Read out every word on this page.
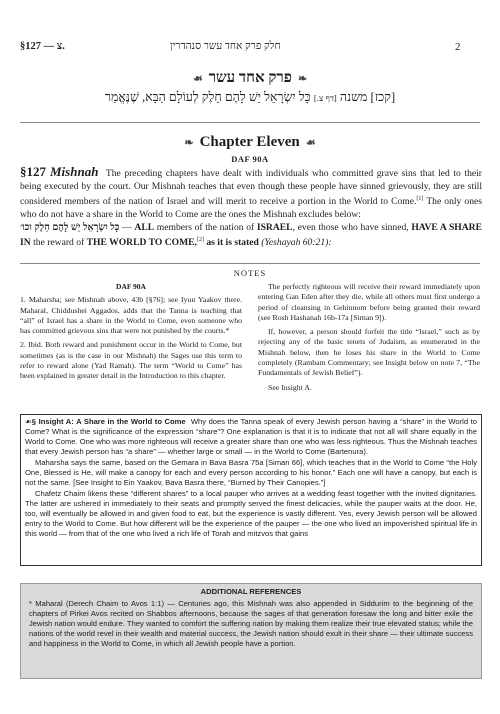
§127 — צ.	חלק פרק אחד עשר סנהדרין	2
❧פרק אחד עשר☙
[קכז] משנה [דף צ.] כָּל יִשְׂרָאֵל יֵשׁ לָהֶם חֵלֶק לְעוֹלָם הַבָּא, שֶׁנֶּאֱמַר
❧ Chapter Eleven ☙
DAF 90A
§127 Mishnah The preceding chapters have dealt with individuals who committed grave sins that led to their being executed by the court. Our Mishnah teaches that even though these people have sinned grievously, they are still considered members of the nation of Israel and will merit to receive a portion in the World to Come.[1] The only ones who do not have a share in the World to Come are the ones the Mishnah excludes below:
כָּל יִשְׂרָאֵל יֵשׁ לָהֶם חֵלֶק וכו׳ — ALL members of the nation of ISRAEL, even those who have sinned, HAVE A SHARE IN the reward of THE WORLD TO COME,[2] as it is stated (Yeshayah 60:21):
NOTES
DAF 90A

1. Maharsha; see Mishnah above, 43b [§76]; see Iyun Yaakov there. Maharal, Chiddushei Aggados, adds that the Tanna is teaching that “all” of Israel has a share in the World to Come, even someone who has committed grievous sins that were not punished by the courts.*

2. Ibid. Both reward and punishment occur in the World to Come, but sometimes (as is the case in our Mishnah) the Sages use this term to refer to reward alone (Yad Ramah). The term “World to Come” has been explained in greater detail in the Introduction to this chapter.

The perfectly righteous will receive their reward immediately upon entering Gan Eden after they die, while all others must first undergo a period of cleansing in Gehinnom before being granted their reward (see Rosh Hashanah 16b-17a [Siman 9]).

If, however, a person should forfeit the title “Israel,” such as by rejecting any of the basic tenets of Judaism, as enumerated in the Mishnah below, then he loses his share in the World to Come completely (Rambam Commentary; see Insight below on note 7, “The Fundamentals of Jewish Belief”).

See Insight A.

☙§ Insight A: A Share in the World to Come Why does the Tanna speak of every Jewish person having a “share” in the World to Come? What is the significance of the expression “share”? One explanation is that it is to indicate that not all will share equally in the World to Come. One who was more righteous will receive a greater share than one who was less righteous. Thus the Mishnah teaches that every Jewish person has “a share” — whether large or small — in the World to Come (Bartenura).

Maharsha says the same, based on the Gemara in Bava Basra 75a [Siman 66], which teaches that in the World to Come “the Holy One, Blessed is He, will make a canopy for each and every person according to his honor.” Each one will have a canopy, but each is not the same. [See Insight to Ein Yaakov, Bava Basra there, “Burned by Their Canopies.”]

Chafetz Chaim likens these “different shares” to a local pauper who arrives at a wedding feast together with the invited dignitaries. The latter are ushered in immediately to their seats and promptly served the finest delicacies, while the pauper waits at the door. He, too, will eventually be allowed in and given food to eat, but the experience is vastly different. Yes, every Jewish person will be allowed entry to the World to Come. But how different will be the experience of the pauper — the one who lived an impoverished spiritual life in this world — from that of the one who lived a rich life of Torah and mitzvos that gains

ADDITIONAL REFERENCES
* Maharal (Derech Chaim to Avos 1:1) — Centuries ago, this Mishnah was also appended in Siddurim to the beginning of the chapters of Pirkei Avos recited on Shabbos afternoons, because the sages of that generation foresaw the long and bitter exile the Jewish nation would endure. They wanted to comfort the suffering nation by making them realize their true elevated status; while the nations of the world revel in their wealth and material success, the Jewish nation should exult in their share — their ultimate success and happiness in the World to Come, in which all Jewish people have a portion.
